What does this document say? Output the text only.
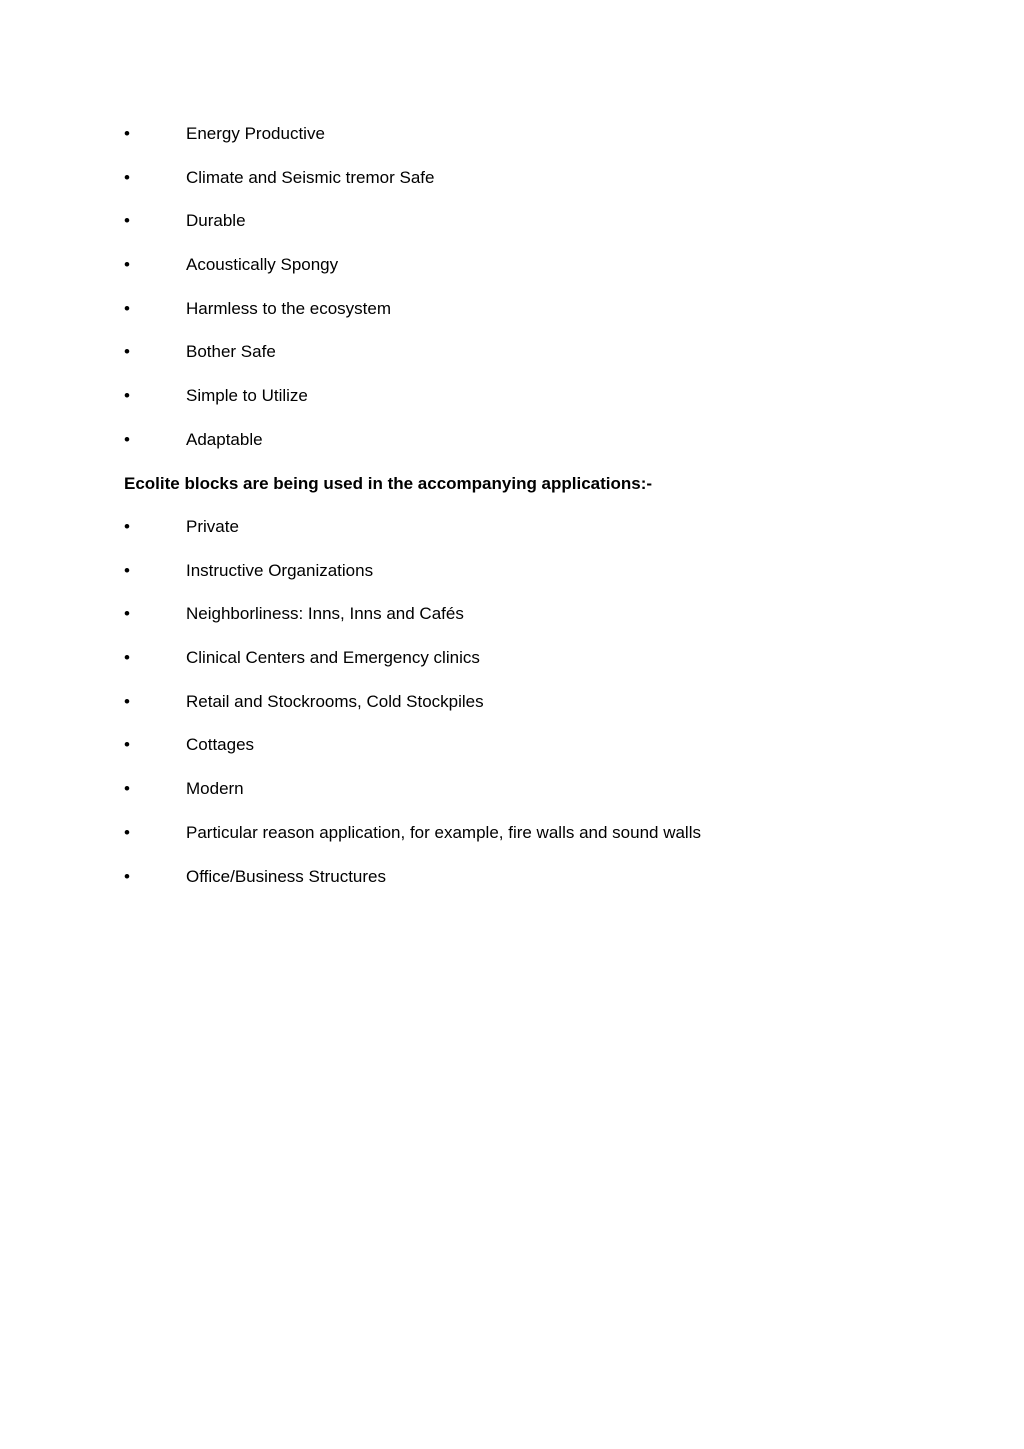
•	Energy Productive
•	Climate and Seismic tremor Safe
•	Durable
•	Acoustically Spongy
•	Harmless to the ecosystem
•	Bother Safe
•	Simple to Utilize
•	Adaptable

Ecolite blocks are being used in the accompanying applications:-

•	Private
•	Instructive Organizations
•	Neighborliness: Inns, Inns and Cafés
•	Clinical Centers and Emergency clinics
•	Retail and Stockrooms, Cold Stockpiles
•	Cottages
•	Modern
•	Particular reason application, for example, fire walls and sound walls
•	Office/Business Structures
